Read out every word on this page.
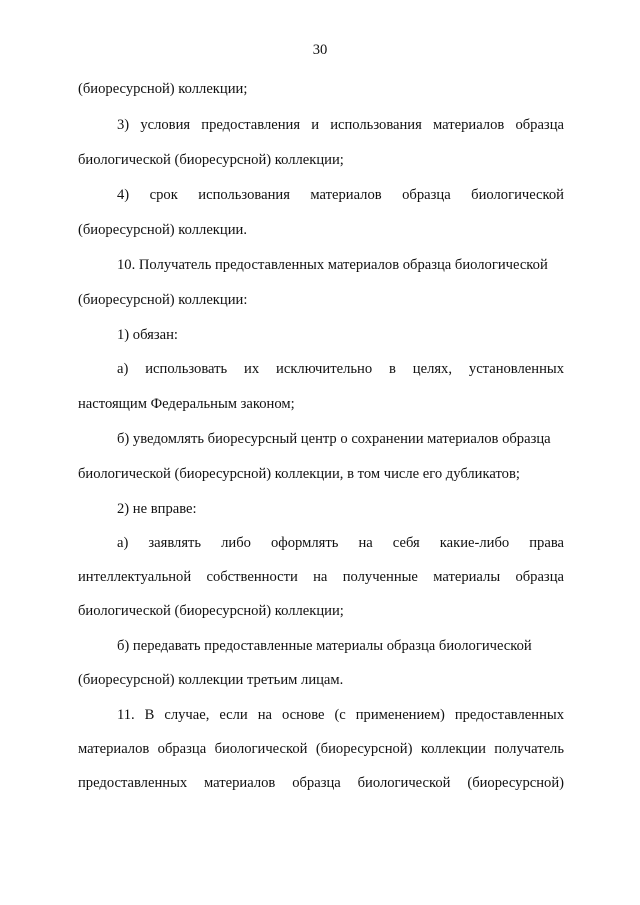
30
(биоресурсной) коллекции;
3) условия предоставления и использования материалов образца
биологической (биоресурсной) коллекции;
4) срок использования материалов образца биологической
(биоресурсной) коллекции.
10. Получатель предоставленных материалов образца биологической
(биоресурсной) коллекции:
1) обязан:
а) использовать их исключительно в целях, установленных
настоящим Федеральным законом;
б) уведомлять биоресурсный центр о сохранении материалов образца
биологической (биоресурсной) коллекции, в том числе его дубликатов;
2) не вправе:
а) заявлять либо оформлять на себя какие-либо права
интеллектуальной собственности на полученные материалы образца
биологической (биоресурсной) коллекции;
б) передавать предоставленные материалы образца биологической
(биоресурсной) коллекции третьим лицам.
11. В случае, если на основе (с применением) предоставленных
материалов образца биологической (биоресурсной) коллекции получатель
предоставленных материалов образца биологической (биоресурсной)
